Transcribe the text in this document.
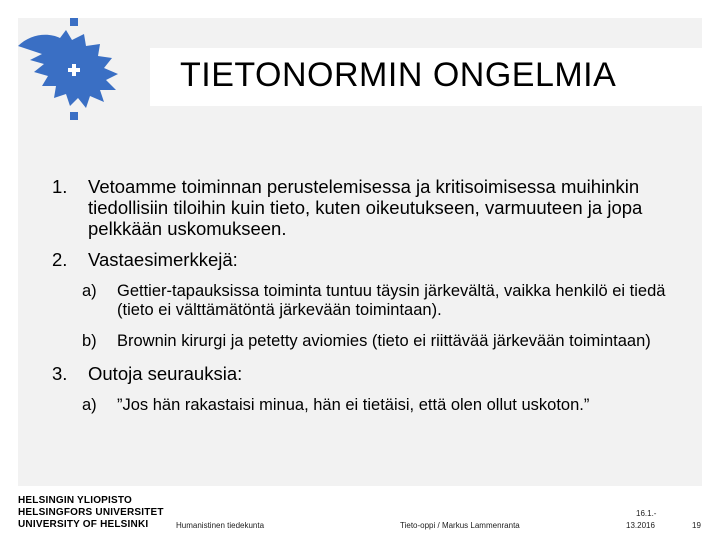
TIETONORMIN ONGELMIA
1.	Vetoamme toiminnan perustelemisessa ja kritisoimisessa muihinkin tiedollisiin tiloihin kuin tieto, kuten oikeutukseen, varmuuteen ja jopa pelkkään uskomukseen.
2.	Vastaesimerkkejä:
a)	Gettier-tapauksissa toiminta tuntuu täysin järkevältä, vaikka henkilö ei tiedä (tieto ei välttämätöntä järkevään toimintaan).
b)	Brownin kirurgi ja petetty aviomies (tieto ei riittävää järkevään toimintaan)
3.	Outoja seurauksia:
a)	”Jos hän rakastaisi minua, hän ei tietäisi, että olen ollut uskoton.”
HELSINGIN YLIOPISTO
HELSINGFORS UNIVERSITET
UNIVERSITY OF HELSINKI	Humanistinen tiedekunta	Tieto-oppi / Markus Lammenranta
16.1.-
13.2016	19
